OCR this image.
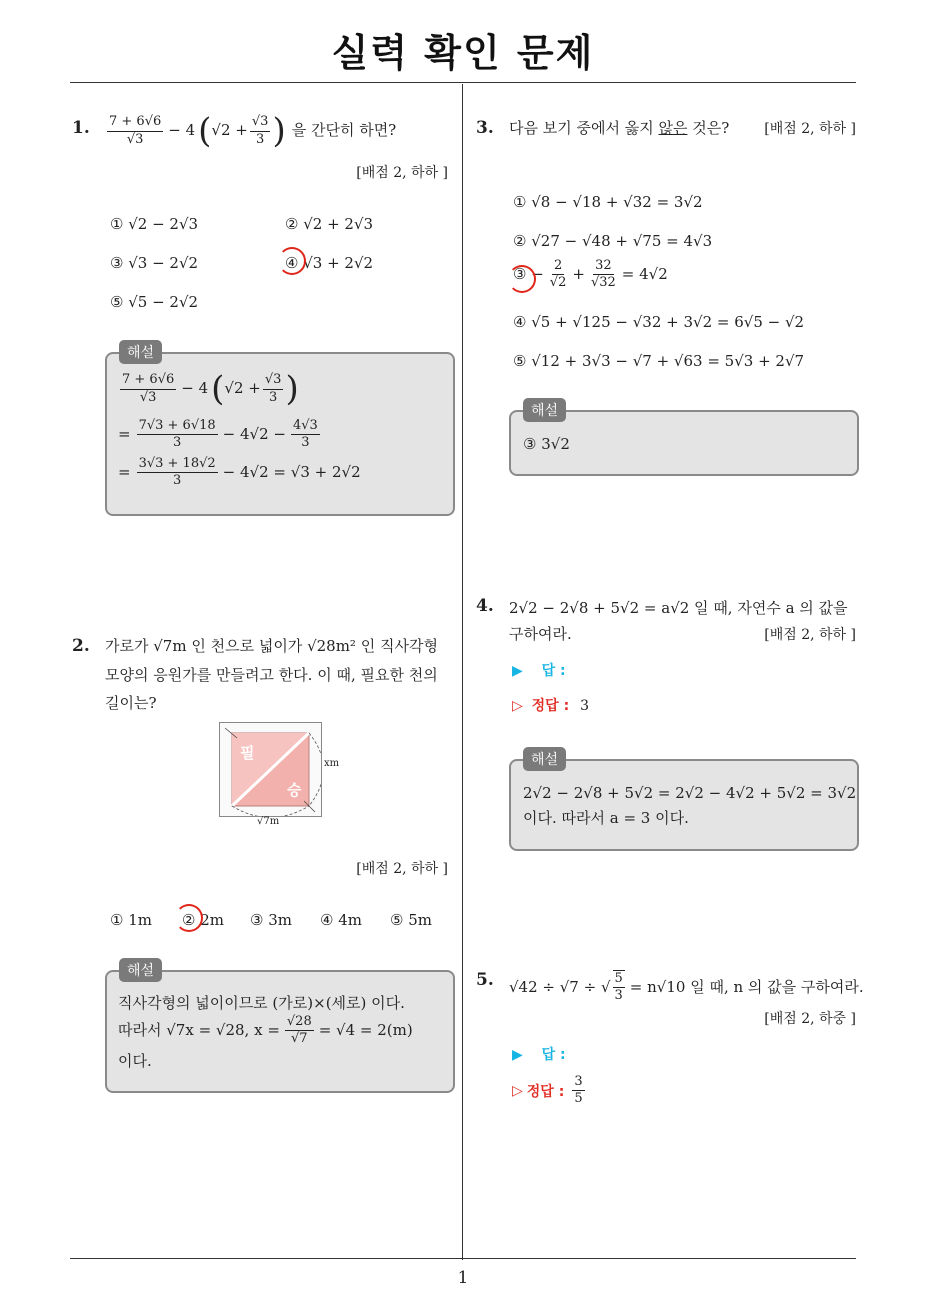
실력 확인 문제
1
1. $\frac{7 + 6√6}{√3} - 4$ ( $√2 + \frac{√3}{3}$ ) 을 간단히 하면?
[배점 2, 하하 ]
① √2 − 2√3	② √2 + 2√3
③ √3 − 2√2	④ √3 + 2√2
⑤ √5 − 2√2
해설
$\frac{7 + 6√6}{√3} - 4$ ( $√2 + \frac{√3}{3}$ )
= $\frac{7√3 + 6√18}{3} - 4√2 - \frac{4√3}{3}$
= $\frac{3√3 + 18√2}{3} - 4√2 = √3 + 2√2$
2. 가로가 √7m 인 천으로 넓이가 √28m² 인 직사각형
모양의 응원가를 만들려고 한다. 이 때, 필요한 천의
길이는?
필
승
xm
√7m
[배점 2, 하하 ]
① 1m ② 2m ③ 3m ④ 4m ⑤ 5m
해설
직사각형의 넓이이므로 (가로)×(세로) 이다.
따라서 √7x = √28, $x = \frac{√28}{√7} = √4 = 2(m)$
이다.
3. 다음 보기 중에서 옳지 않은 것은?	[배점 2, 하하 ]
① √8 − √18 + √32 = 3√2
② √27 − √48 + √75 = 4√3
③ − $\frac{2}{√2} + \frac{32}{√32} = 4√2$
④ √5 + √125 − √32 + 3√2 = 6√5 − √2
⑤ √12 + 3√3 − √7 + √63 = 5√3 + 2√7
해설
③ 3√2
4. 2√2 − 2√8 + 5√2 = a√2 일 때, 자연수 a 의 값을
구하여라.	[배점 2, 하하 ]
▶ 답 :
▷ 정답 : 3
해설
2√2 − 2√8 + 5√2 = 2√2 − 4√2 + 5√2 = 3√2
이다. 따라서 a = 3 이다.
5. √42 ÷ √7 ÷ √ $\frac{5}{3} = n√10$ 일 때, n 의 값을 구하여라.
[배점 2, 하중 ]
▶ 답 :
▷ 정답 : $\frac{3}{5}$
